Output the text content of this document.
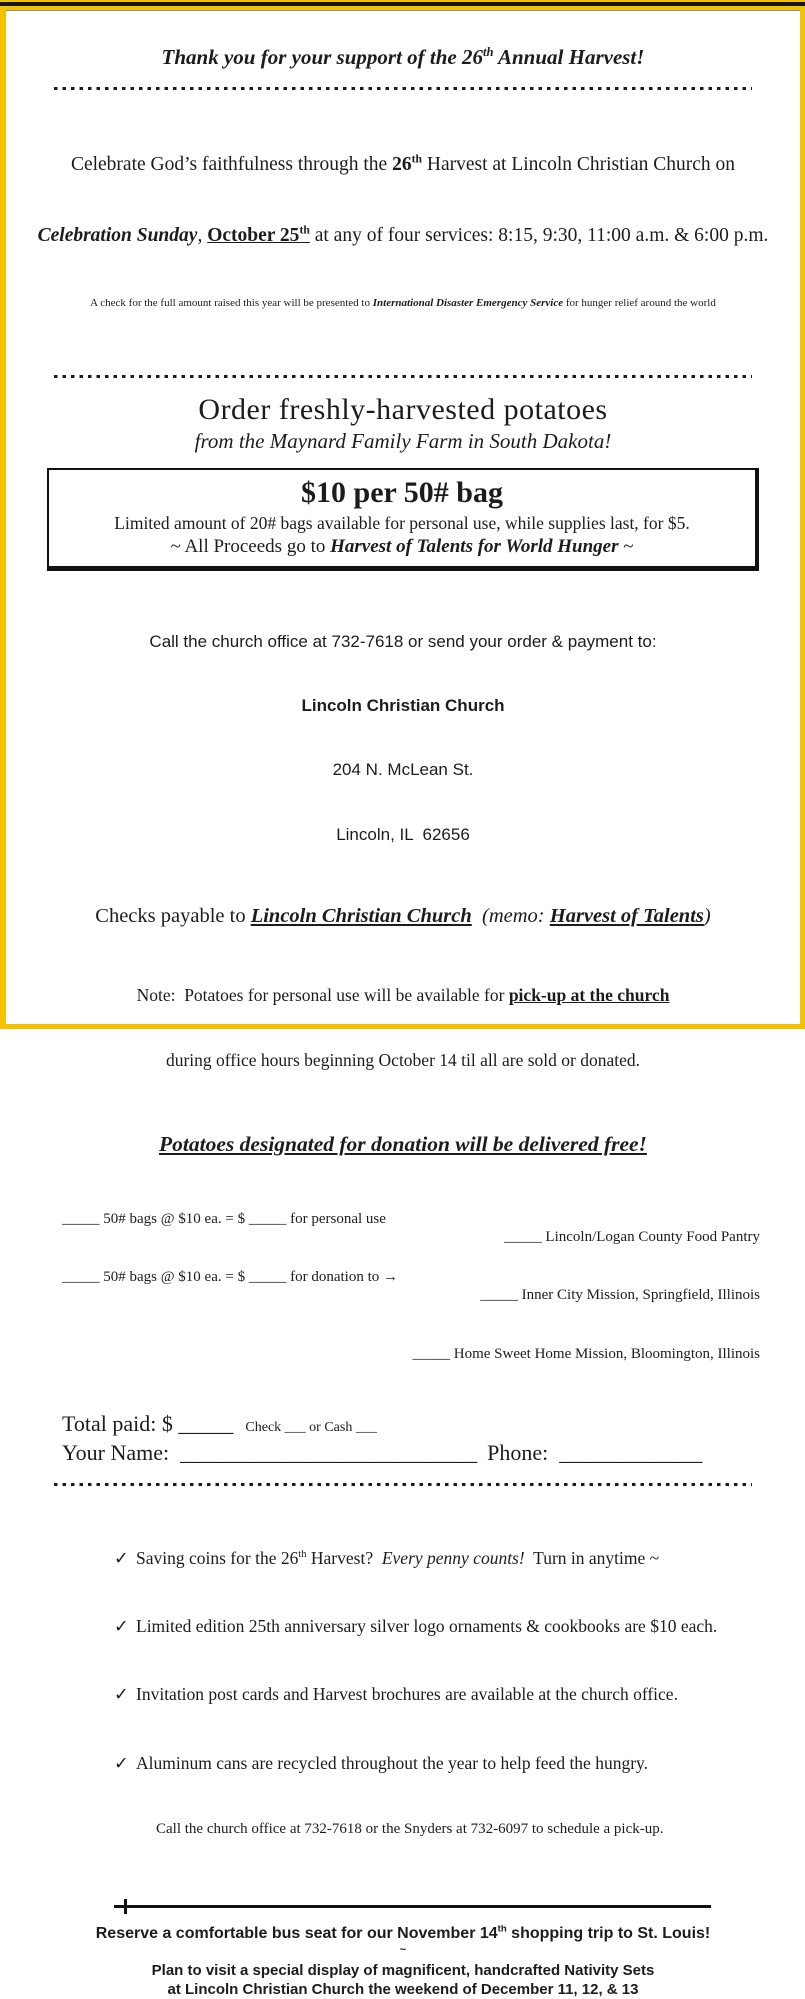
Thank you for your support of the 26th Annual Harvest!

Celebrate God’s faithfulness through the 26th Harvest at Lincoln Christian Church on

Celebration Sunday, October 25th at any of four services: 8:15, 9:30, 11:00 a.m. & 6:00 p.m.

A check for the full amount raised this year will be presented to International Disaster Emergency Service for hunger relief around the world

Order freshly-harvested potatoes
from the Maynard Family Farm in South Dakota!
$10 per 50# bag
Limited amount of 20# bags available for personal use, while supplies last, for $5.
~ All Proceeds go to Harvest of Talents for World Hunger ~

Call the church office at 732-7618 or send your order & payment to:

Lincoln Christian Church

204 N. McLean St.

Lincoln, IL  62656

Checks payable to Lincoln Christian Church  (memo: Harvest of Talents)

Note:  Potatoes for personal use will be available for pick-up at the church

during office hours beginning October 14 til all are sold or donated.

Potatoes designated for donation will be delivered free!

_____ 50# bags @ $10 ea. = $ _____ for personal use

_____ 50# bags @ $10 ea. = $ _____ for donation to →

_____ Lincoln/Logan County Food Pantry

_____ Inner City Mission, Springfield, Illinois

_____ Home Sweet Home Mission, Bloomington, Illinois

Total paid: $ _____ Check ___ or Cash ___
Your Name:  ___________________________ Phone:  _____________

✓ Saving coins for the 26th Harvest?  Every penny counts!  Turn in anytime ~

✓ Limited edition 25th anniversary silver logo ornaments & cookbooks are $10 each.

✓ Invitation post cards and Harvest brochures are available at the church office.

✓ Aluminum cans are recycled throughout the year to help feed the hungry.

Call the church office at 732-7618 or the Snyders at 732-6097 to schedule a pick-up.

Reserve a comfortable bus seat for our November 14th shopping trip to St. Louis!
~
Plan to visit a special display of magnificent, handcrafted Nativity Sets
at Lincoln Christian Church the weekend of December 11, 12, & 13
